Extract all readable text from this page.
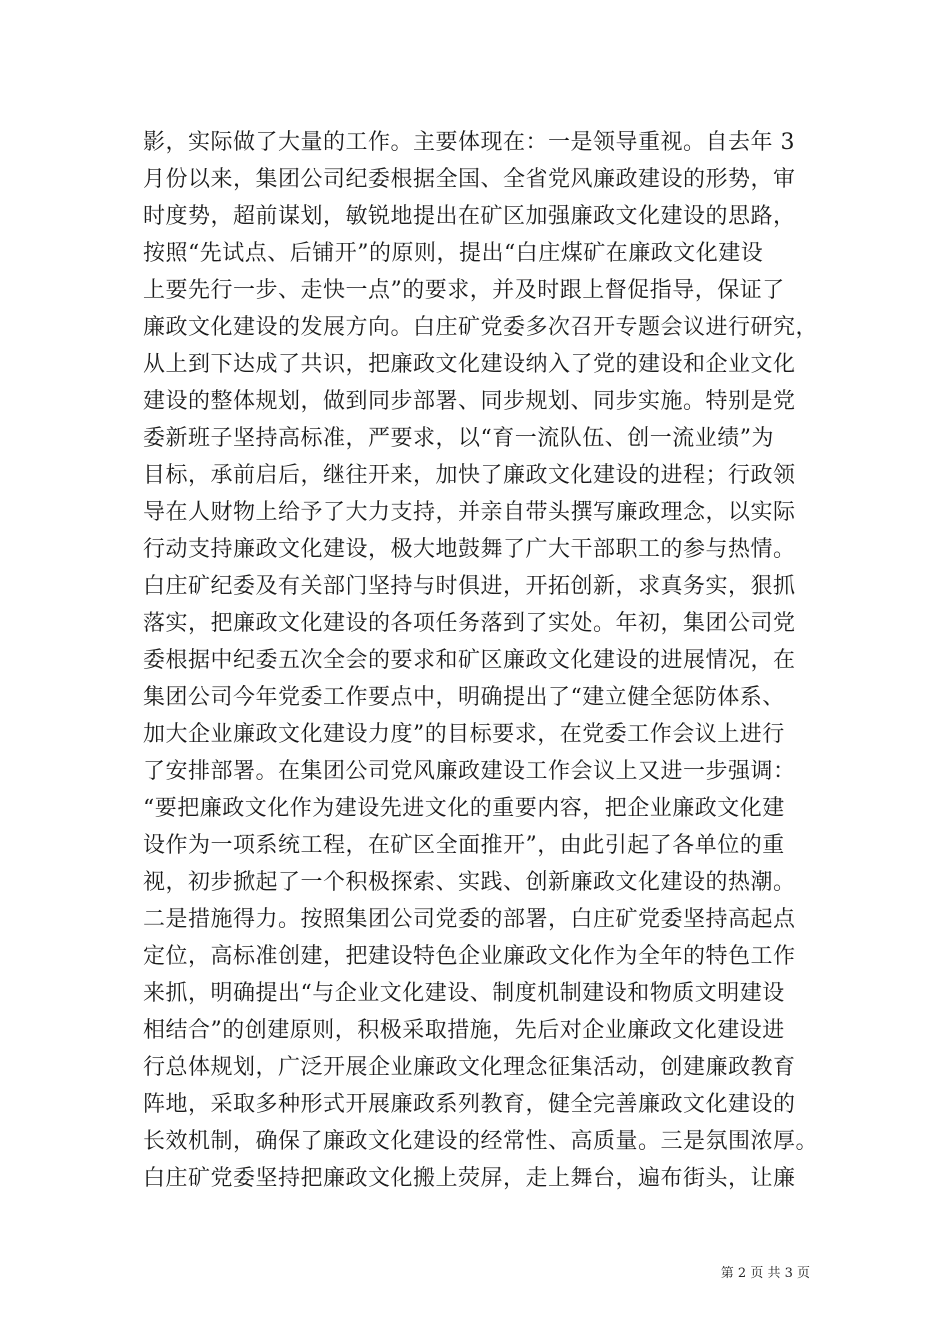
影，实际做了大量的工作。主要体现在：一是领导重视。自去年 3
月份以来，集团公司纪委根据全国、全省党风廉政建设的形势，审
时度势，超前谋划，敏锐地提出在矿区加强廉政文化建设的思路，
按照“先试点、后铺开”的原则，提出“白庄煤矿在廉政文化建设
上要先行一步、走快一点”的要求，并及时跟上督促指导，保证了
廉政文化建设的发展方向。白庄矿党委多次召开专题会议进行研究，
从上到下达成了共识，把廉政文化建设纳入了党的建设和企业文化
建设的整体规划，做到同步部署、同步规划、同步实施。特别是党
委新班子坚持高标准，严要求，以“育一流队伍、创一流业绩”为
目标，承前启后，继往开来，加快了廉政文化建设的进程；行政领
导在人财物上给予了大力支持，并亲自带头撰写廉政理念，以实际
行动支持廉政文化建设，极大地鼓舞了广大干部职工的参与热情。
白庄矿纪委及有关部门坚持与时俱进，开拓创新，求真务实，狠抓
落实，把廉政文化建设的各项任务落到了实处。年初，集团公司党
委根据中纪委五次全会的要求和矿区廉政文化建设的进展情况，在
集团公司今年党委工作要点中，明确提出了“建立健全惩防体系、
加大企业廉政文化建设力度”的目标要求，在党委工作会议上进行
了安排部署。在集团公司党风廉政建设工作会议上又进一步强调：
“要把廉政文化作为建设先进文化的重要内容，把企业廉政文化建
设作为一项系统工程，在矿区全面推开”，由此引起了各单位的重
视，初步掀起了一个积极探索、实践、创新廉政文化建设的热潮。
二是措施得力。按照集团公司党委的部署，白庄矿党委坚持高起点
定位，高标准创建，把建设特色企业廉政文化作为全年的特色工作
来抓，明确提出“与企业文化建设、制度机制建设和物质文明建设
相结合”的创建原则，积极采取措施，先后对企业廉政文化建设进
行总体规划，广泛开展企业廉政文化理念征集活动，创建廉政教育
阵地，采取多种形式开展廉政系列教育，健全完善廉政文化建设的
长效机制，确保了廉政文化建设的经常性、高质量。三是氛围浓厚。
白庄矿党委坚持把廉政文化搬上荧屏，走上舞台，遍布街头，让廉
第 2 页 共 3 页
